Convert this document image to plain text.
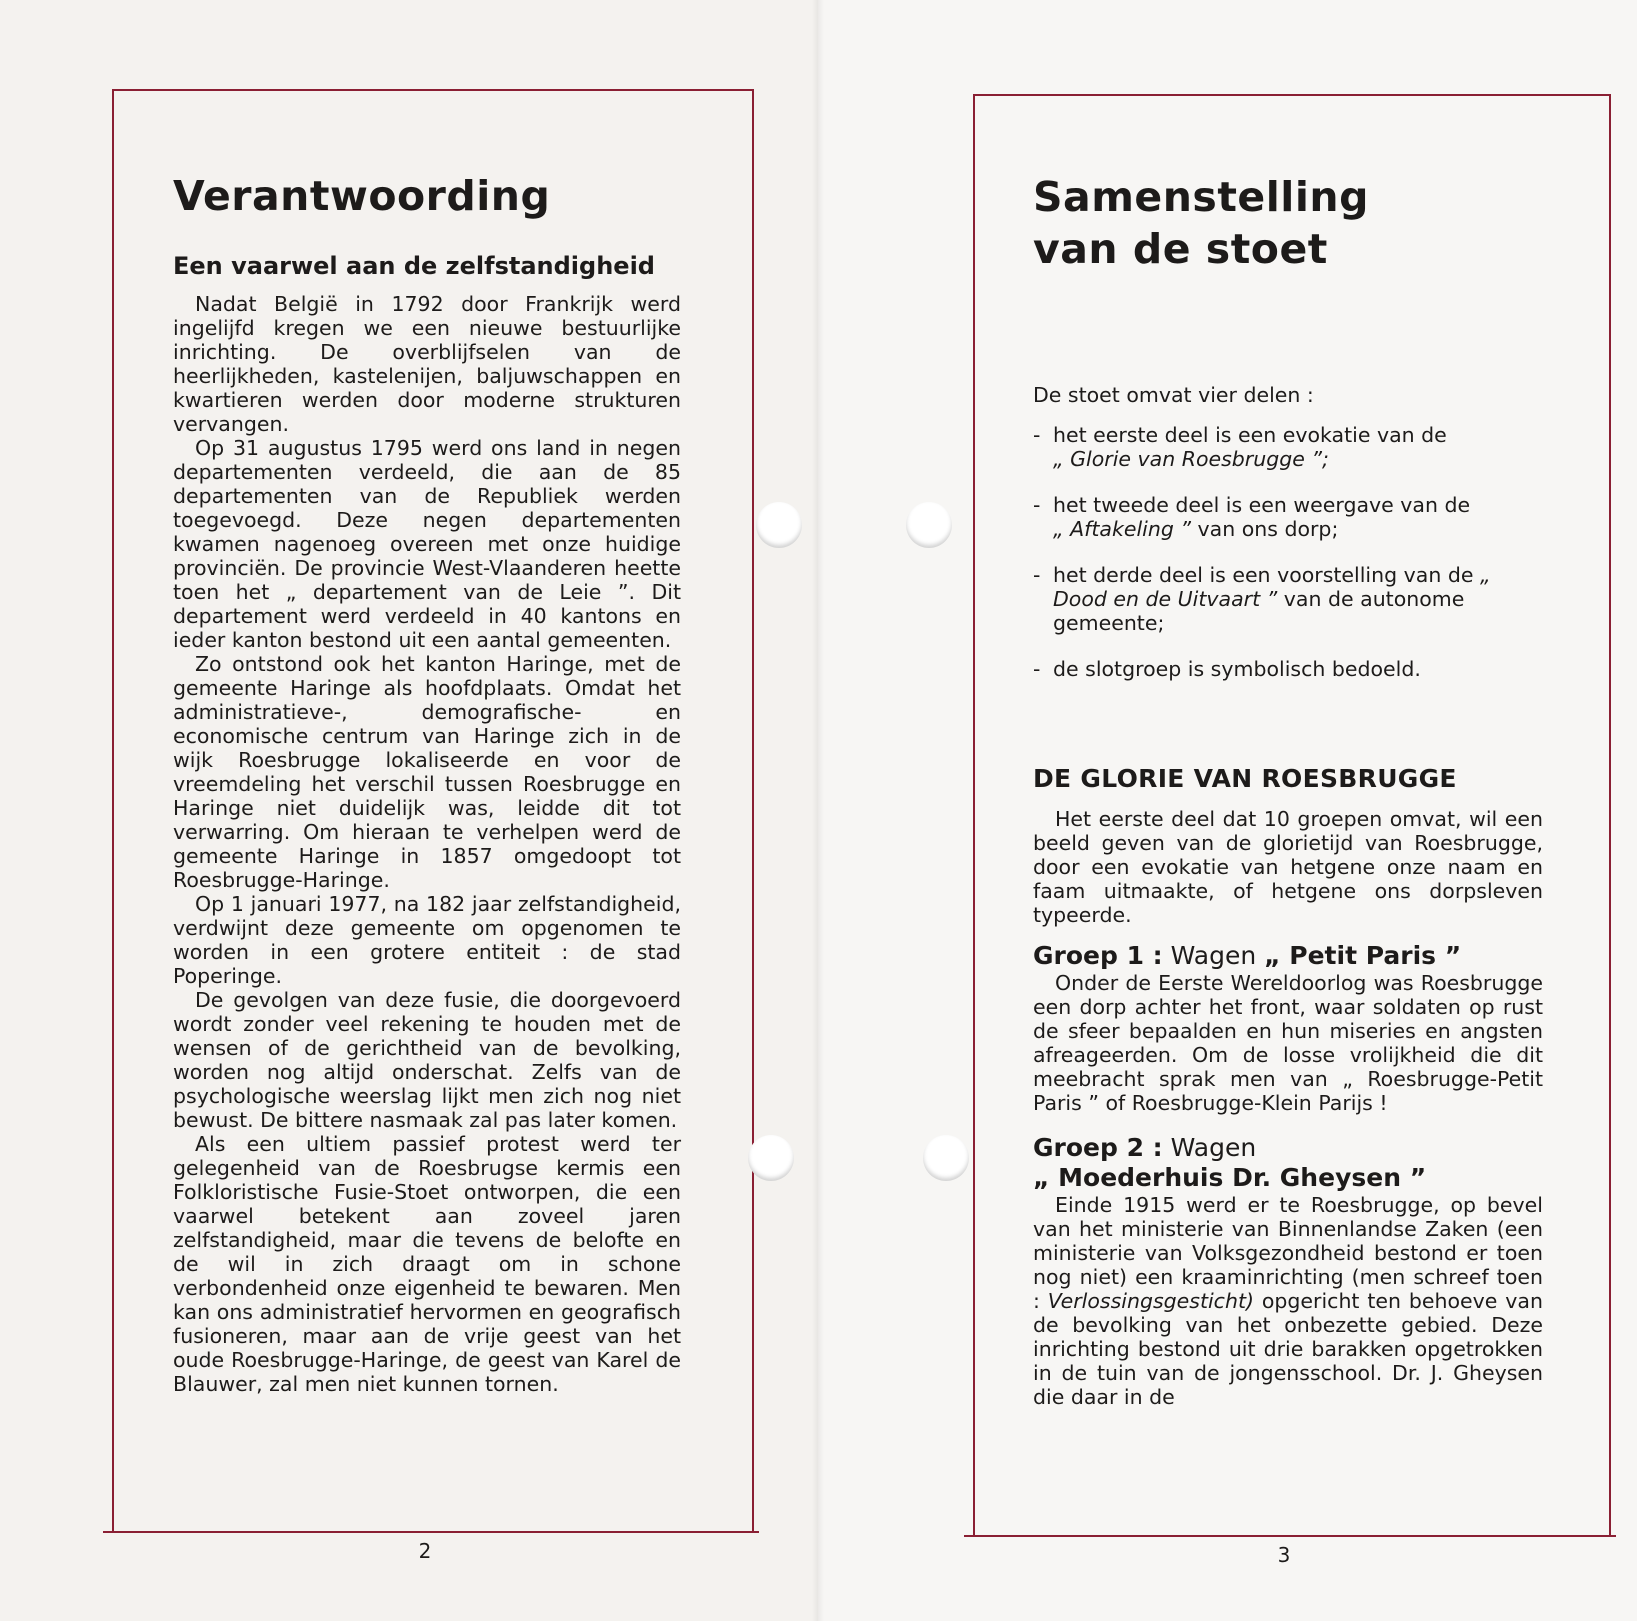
Verantwoording
Een vaarwel aan de zelfstandigheid

Nadat België in 1792 door Frankrijk werd ingelijfd kregen we een nieuwe bestuurlijke inrichting. De overblijfselen van de heerlijkheden, kastelenijen, baljuwschappen en kwartieren werden door moderne strukturen vervangen.

Op 31 augustus 1795 werd ons land in negen departementen verdeeld, die aan de 85 departementen van de Republiek werden toegevoegd. Deze negen departementen kwamen nagenoeg overeen met onze huidige provinciën. De provincie West-Vlaanderen heette toen het „ departement van de Leie ”. Dit departement werd verdeeld in 40 kantons en ieder kanton bestond uit een aantal gemeenten.

Zo ontstond ook het kanton Haringe, met de gemeente Haringe als hoofdplaats. Omdat het administratieve-, demografische- en economische centrum van Haringe zich in de wijk Roesbrugge lokaliseerde en voor de vreemdeling het verschil tussen Roesbrugge en Haringe niet duidelijk was, leidde dit tot verwarring. Om hieraan te verhelpen werd de gemeente Haringe in 1857 omgedoopt tot Roesbrugge-Haringe.

Op 1 januari 1977, na 182 jaar zelfstandigheid, verdwijnt deze gemeente om opgenomen te worden in een grotere entiteit : de stad Poperinge.

De gevolgen van deze fusie, die doorgevoerd wordt zonder veel rekening te houden met de wensen of de gerichtheid van de bevolking, worden nog altijd onderschat. Zelfs van de psychologische weerslag lijkt men zich nog niet bewust. De bittere nasmaak zal pas later komen.

Als een ultiem passief protest werd ter gelegenheid van de Roesbrugse kermis een Folkloristische Fusie-Stoet ontworpen, die een vaarwel betekent aan zoveel jaren zelfstandigheid, maar die tevens de belofte en de wil in zich draagt om in schone verbondenheid onze eigenheid te bewaren. Men kan ons administratief hervormen en geografisch fusioneren, maar aan de vrije geest van het oude Roesbrugge-Haringe, de geest van Karel de Blauwer, zal men niet kunnen tornen.

2
Samenstelling
van de stoet
De stoet omvat vier delen :
- het eerste deel is een evokatie van de
„ Glorie van Roesbrugge ”;
- het tweede deel is een weergave van de
„ Aftakeling ” van ons dorp;
- het derde deel is een voorstelling van de „ Dood en de Uitvaart ” van de autonome gemeente;
- de slotgroep is symbolisch bedoeld.
DE GLORIE VAN ROESBRUGGE

Het eerste deel dat 10 groepen omvat, wil een beeld geven van de glorietijd van Roesbrugge, door een evokatie van hetgene onze naam en faam uitmaakte, of hetgene ons dorpsleven typeerde.

Groep 1 : Wagen „ Petit Paris ”

Onder de Eerste Wereldoorlog was Roesbrugge een dorp achter het front, waar soldaten op rust de sfeer bepaalden en hun miseries en angsten afreageerden. Om de losse vrolijkheid die dit meebracht sprak men van „ Roesbrugge-Petit Paris ” of Roesbrugge-Klein Parijs !

Groep 2 : Wagen
„ Moederhuis Dr. Gheysen ”

Einde 1915 werd er te Roesbrugge, op bevel van het ministerie van Binnenlandse Zaken (een ministerie van Volksgezondheid bestond er toen nog niet) een kraaminrichting (men schreef toen : Verlossingsgesticht) opgericht ten behoeve van de bevolking van het onbezette gebied. Deze inrichting bestond uit drie barakken opgetrokken in de tuin van de jongensschool. Dr. J. Gheysen die daar in de

3
